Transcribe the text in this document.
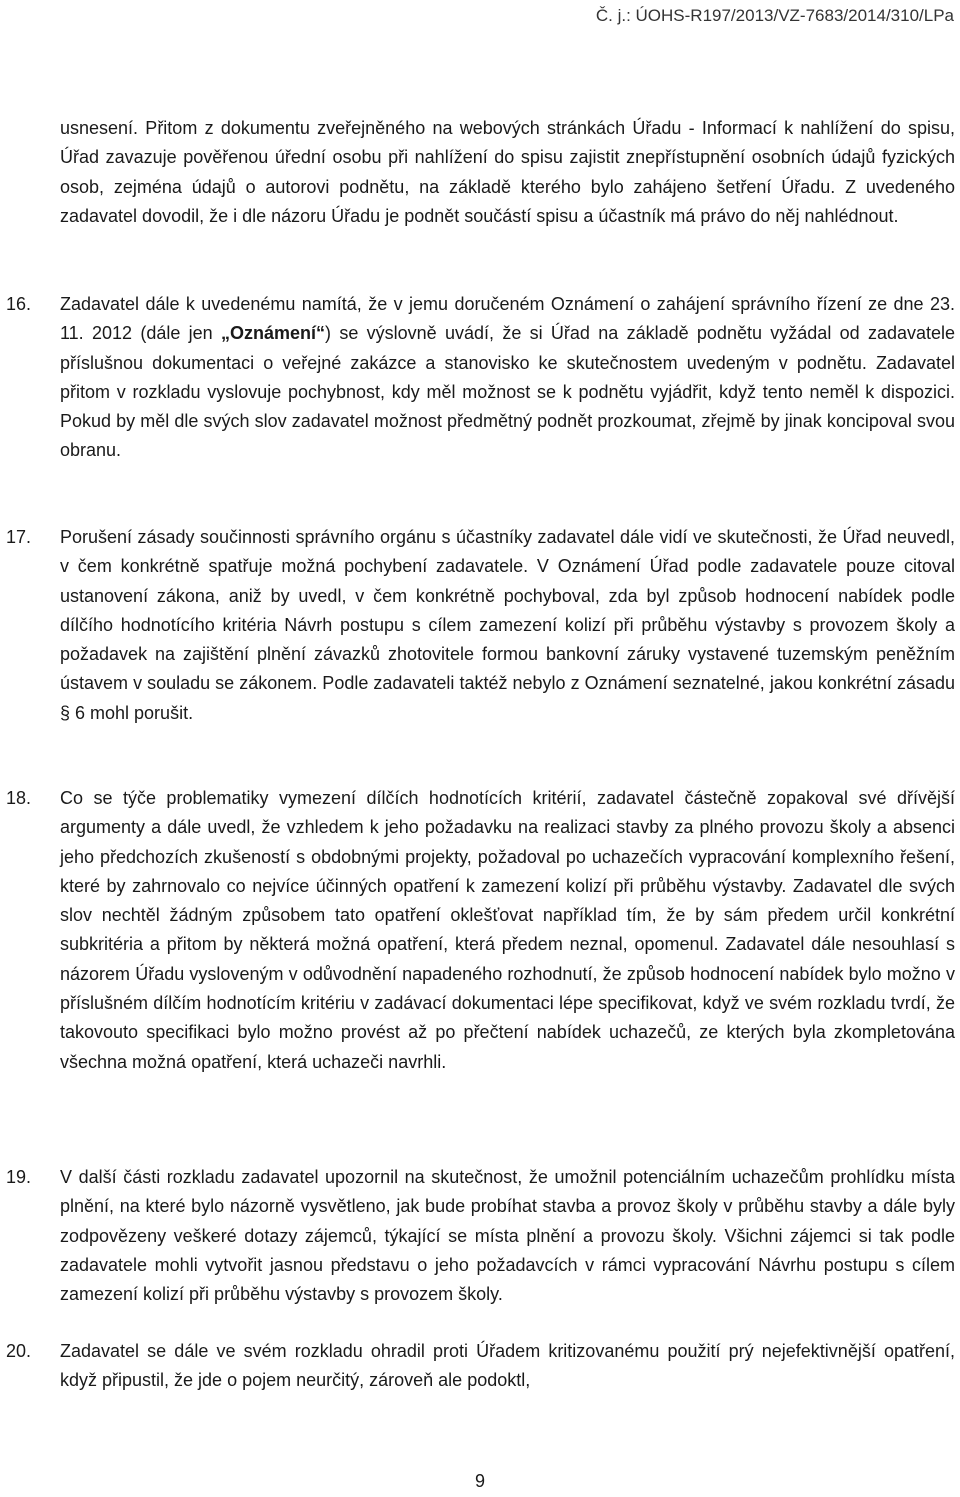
Č. j.: ÚOHS-R197/2013/VZ-7683/2014/310/LPa
usnesení. Přitom z dokumentu zveřejněného na webových stránkách Úřadu - Informací k nahlížení do spisu, Úřad zavazuje pověřenou úřední osobu při nahlížení do spisu zajistit znepřístupnění osobních údajů fyzických osob, zejména údajů o autorovi podnětu, na základě kterého bylo zahájeno šetření Úřadu. Z uvedeného zadavatel dovodil, že i dle názoru Úřadu je podnět součástí spisu a účastník má právo do něj nahlédnout.
16. Zadavatel dále k uvedenému namítá, že v jemu doručeném Oznámení o zahájení správního řízení ze dne 23. 11. 2012 (dále jen „Oznámení“) se výslovně uvádí, že si Úřad na základě podnětu vyžádal od zadavatele příslušnou dokumentaci o veřejné zakázce a stanovisko ke skutečnostem uvedeným v podnětu. Zadavatel přitom v rozkladu vyslovuje pochybnost, kdy měl možnost se k podnětu vyjádřit, když tento neměl k dispozici. Pokud by měl dle svých slov zadavatel možnost předmětný podnět prozkoumat, zřejmě by jinak koncipoval svou obranu.
17. Porušení zásady součinnosti správního orgánu s účastníky zadavatel dále vidí ve skutečnosti, že Úřad neuvedl, v čem konkrétně spatřuje možná pochybení zadavatele. V Oznámení Úřad podle zadavatele pouze citoval ustanovení zákona, aniž by uvedl, v čem konkrétně pochyboval, zda byl způsob hodnocení nabídek podle dílčího hodnotícího kritéria Návrh postupu s cílem zamezení kolizí při průběhu výstavby s provozem školy a požadavek na zajištění plnění závazků zhotovitele formou bankovní záruky vystavené tuzemským peněžním ústavem v souladu se zákonem. Podle zadavateli taktéž nebylo z Oznámení seznatelné, jakou konkrétní zásadu § 6 mohl porušit.
18. Co se týče problematiky vymezení dílčích hodnotících kritérií, zadavatel částečně zopakoval své dřívější argumenty a dále uvedl, že vzhledem k jeho požadavku na realizaci stavby za plného provozu školy a absenci jeho předchozích zkušeností s obdobnými projekty, požadoval po uchazečích vypracování komplexního řešení, které by zahrnovalo co nejvíce účinných opatření k zamezení kolizí při průběhu výstavby. Zadavatel dle svých slov nechtěl žádným způsobem tato opatření oklešťovat například tím, že by sám předem určil konkrétní subkritéria a přitom by některá možná opatření, která předem neznal, opomenul. Zadavatel dále nesouhlasí s názorem Úřadu vysloveným v odůvodnění napadeného rozhodnutí, že způsob hodnocení nabídek bylo možno v příslušném dílčím hodnotícím kritériu v zadávací dokumentaci lépe specifikovat, když ve svém rozkladu tvrdí, že takovouto specifikaci bylo možno provést až po přečtení nabídek uchazečů, ze kterých byla zkompletována všechna možná opatření, která uchazeči navrhli.
19. V další části rozkladu zadavatel upozornil na skutečnost, že umožnil potenciálním uchazečům prohlídku místa plnění, na které bylo názorně vysvětleno, jak bude probíhat stavba a provoz školy v průběhu stavby a dále byly zodpovězeny veškeré dotazy zájemců, týkající se místa plnění a provozu školy. Všichni zájemci si tak podle zadavatele mohli vytvořit jasnou představu o jeho požadavcích v rámci vypracování Návrhu postupu s cílem zamezení kolizí při průběhu výstavby s provozem školy.
20. Zadavatel se dále ve svém rozkladu ohradil proti Úřadem kritizovanému použití prý nejefektivnější opatření, když připustil, že jde o pojem neurčitý, zároveň ale podoktl,
9
